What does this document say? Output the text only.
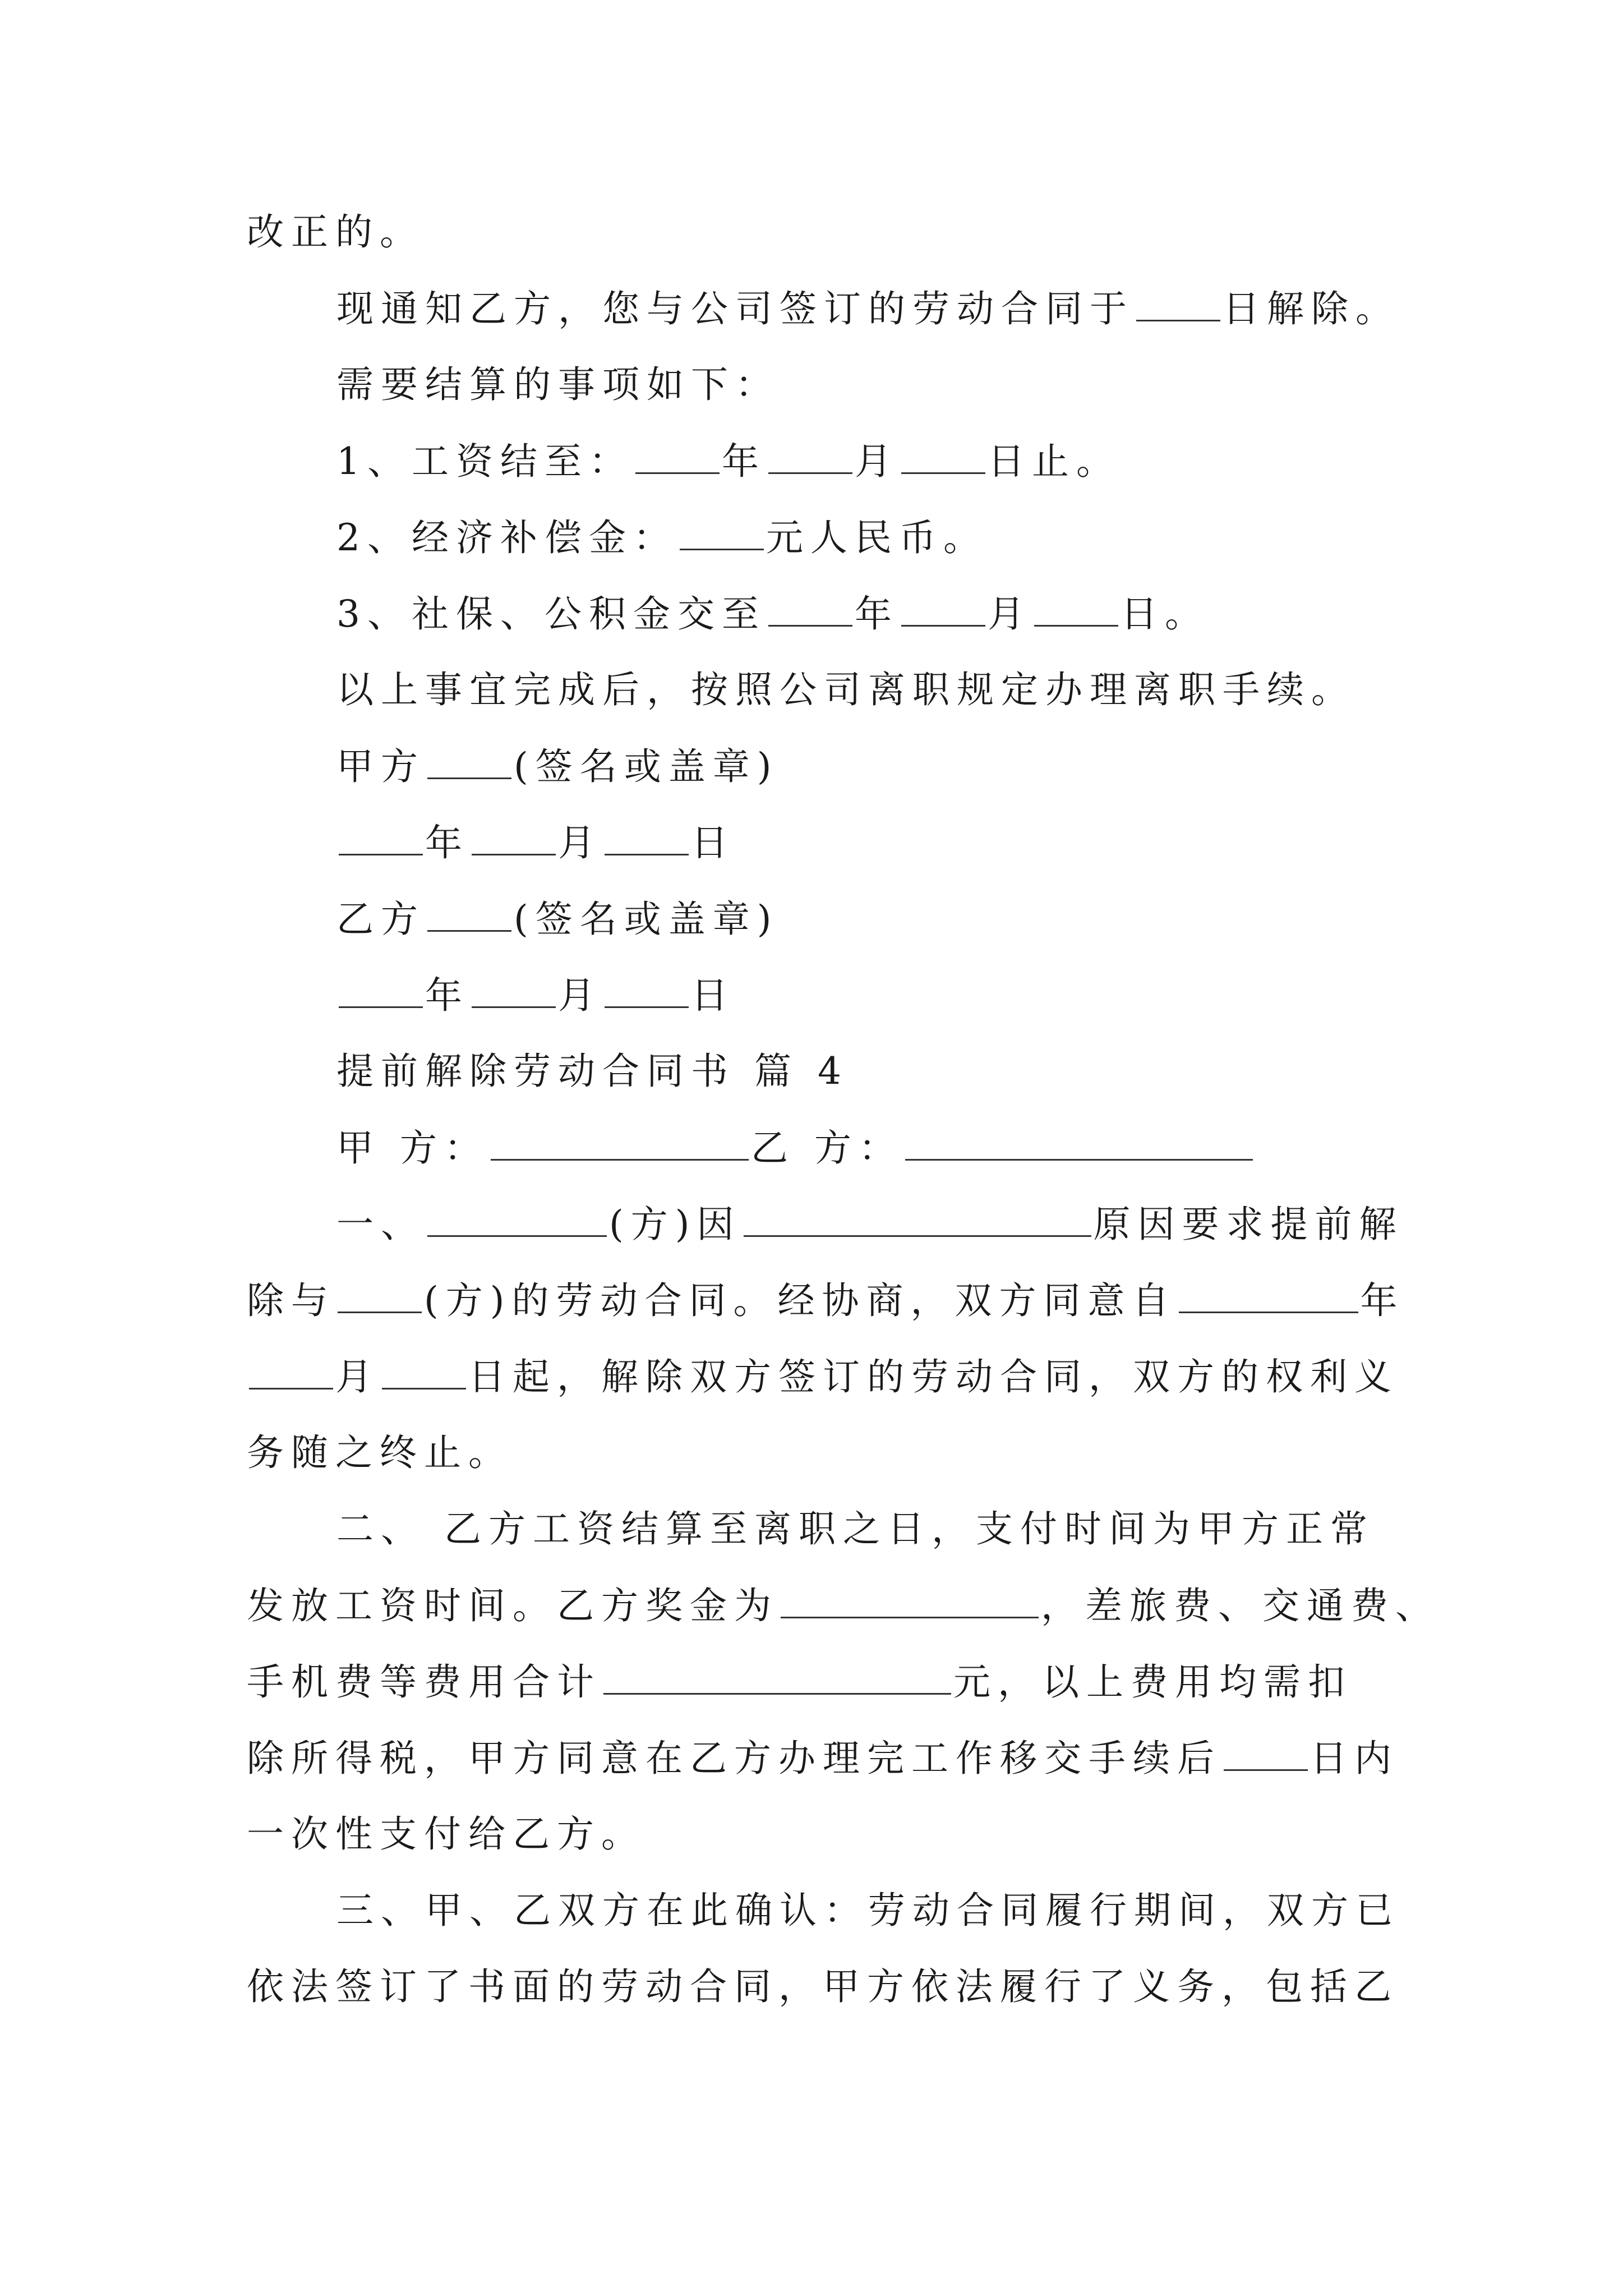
改正的。
现通知乙方，您与公司签订的劳动合同于 日解除。
需要结算的事项如下：
1、工资结至： 年 月 日止。
2、经济补偿金： 元人民币。
3、社保、公积金交至 年 月 日。
以上事宜完成后，按照公司离职规定办理离职手续。
甲方 (签名或盖章)
年 月 日
乙方 (签名或盖章)
年 月 日
提前解除劳动合同书 篇 4
甲 方：	乙 方：
一、	(方)因	原因要求提前解
除与 (方)的劳动合同。经协商，双方同意自	年
月 日起，解除双方签订的劳动合同，双方的权利义
务随之终止。
二、 乙方工资结算至离职之日，支付时间为甲方正常
发放工资时间。乙方奖金为	，差旅费、交通费、
手机费等费用合计	元，以上费用均需扣
除所得税，甲方同意在乙方办理完工作移交手续后 日内
一次性支付给乙方。
三、甲、乙双方在此确认：劳动合同履行期间，双方已
依法签订了书面的劳动合同，甲方依法履行了义务，包括乙
